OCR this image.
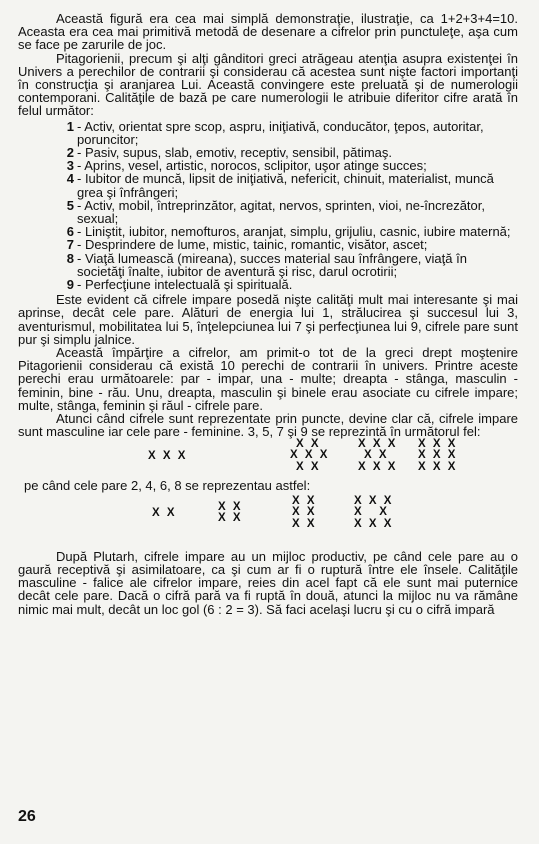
Această figură era cea mai simplă demonstraţie, ilustraţie, ca 1+2+3+4=10. Aceasta era cea mai primitivă metodă de desenare a cifrelor prin punctuleţe, aşa cum se face pe zarurile de joc.

Pitagorienii, precum şi alţi gânditori greci atrăgeau atenţia asupra existenţei în Univers a perechilor de contrarii şi considerau că acestea sunt nişte factori importanţi în construcţia şi aranjarea Lui. Această convingere este preluată şi de numerologii contemporani. Calităţile de bază pe care numerologii le atribuie diferitor cifre arată în felul următor:

1 - Activ, orientat spre scop, aspru, iniţiativă, conducător, ţepos, autoritar, poruncitor;
2 - Pasiv, supus, slab, emotiv, receptiv, sensibil, pătimaş.
3 - Aprins, vesel, artistic, norocos, sclipitor, uşor atinge succes;
4 - Iubitor de muncă, lipsit de iniţiativă, nefericit, chinuit, materialist, muncă grea şi înfrângeri;
5 - Activ, mobil, întreprinzător, agitat, nervos, sprinten, vioi, ne-încrezător, sexual;
6 - Liniştit, iubitor, nemofturos, aranjat, simplu, grijuliu, casnic, iubire maternă;
7 - Desprindere de lume, mistic, tainic, romantic, visător, ascet;
8 - Viaţă lumească (mireana), succes material sau înfrângere, viaţă în societăţi înalte, iubitor de aventură şi risc, darul ocrotirii;
9 - Perfecţiune intelectuală şi spirituală.

Este evident că cifrele impare posedă nişte calităţi mult mai interesante şi mai aprinse, decât cele pare. Alături de energia lui 1, strălucirea şi succesul lui 3, aventurismul, mobilitatea lui 5, înţelepciunea lui 7 şi perfecţiunea lui 9, cifrele pare sunt pur şi simplu jalnice.

Această împărţire a cifrelor, am primit-o tot de la greci drept moştenire Pitagorienii considerau că există 10 perechi de contrarii în univers. Printre aceste perechi erau următoarele: par - impar, una - multe; dreapta - stânga, masculin - feminin, bine - rău. Unu, dreapta, masculin şi binele erau asociate cu cifrele impare; multe, stânga, feminin şi răul - cifrele pare.

Atunci când cifrele sunt reprezentate prin puncte, devine clar că, cifrele impare sunt masculine iar cele pare - feminine. 3, 5, 7 şi 9 se reprezintă în următorul fel:

X X X
X X
X X X
X X
X X X
X X
X X X
X X X
X X X
X X X

pe când cele pare 2, 4, 6, 8 se reprezentau astfel:

X X	X X
X X
X X
X X
X X
X X X
X   X
X X X

După Plutarh, cifrele impare au un mijloc productiv, pe când cele pare au o gaură receptivă şi asimilatoare, ca şi cum ar fi o ruptură între ele însele. Calităţile masculine - falice ale cifrelor impare, reies din acel fapt că ele sunt mai puternice decât cele pare. Dacă o cifră pară va fi ruptă în două, atunci la mijloc nu va rămâne nimic mai mult, decât un loc gol (6 : 2 = 3). Să faci acelaşi lucru şi cu o cifră impară

26
